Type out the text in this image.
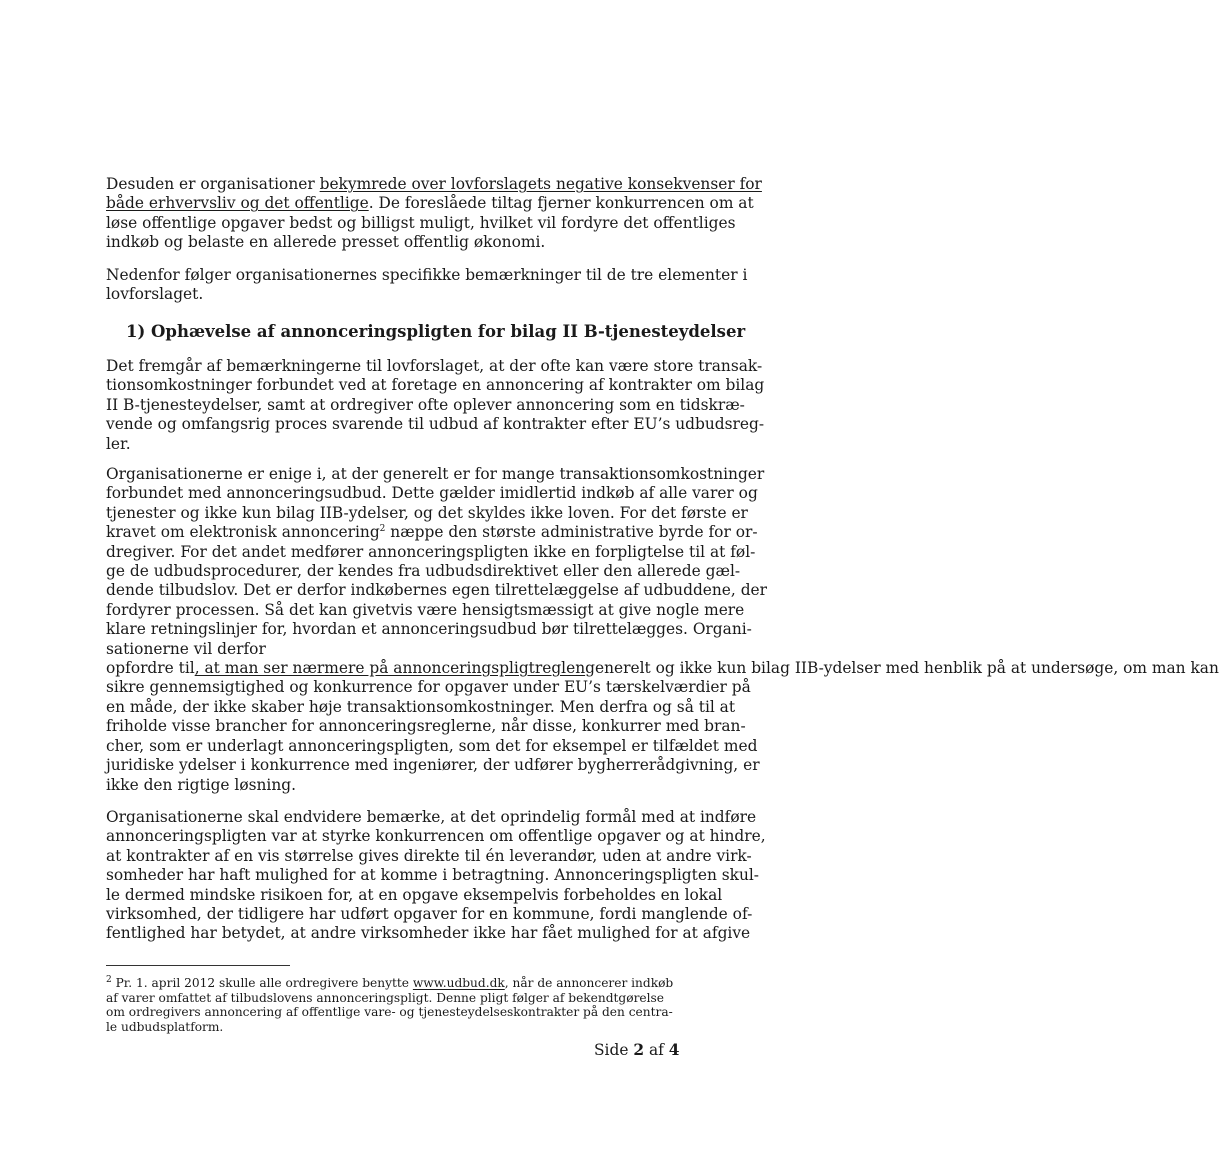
Desuden er organisationer bekymrede over lovforslagets negative konsekvenser for
både erhvervsliv og det offentlige. De foreslåede tiltag fjerner konkurrencen om at
løse offentlige opgaver bedst og billigst muligt, hvilket vil fordyre det offentliges
indkøb og belaste en allerede presset offentlig økonomi.

Nedenfor følger organisationernes specifikke bemærkninger til de tre elementer i
lovforslaget.

1) Ophævelse af annonceringspligten for bilag II B-tjenesteydelser

Det fremgår af bemærkningerne til lovforslaget, at der ofte kan være store transak-
tionsomkostninger forbundet ved at foretage en annoncering af kontrakter om bilag
II B-tjenesteydelser, samt at ordregiver ofte oplever annoncering som en tidskræ-
vende og omfangsrig proces svarende til udbud af kontrakter efter EU’s udbudsreg-
ler.

Organisationerne er enige i, at der generelt er for mange transaktionsomkostninger
forbundet med annonceringsudbud. Dette gælder imidlertid indkøb af alle varer og
tjenester og ikke kun bilag IIB-ydelser, og det skyldes ikke loven. For det første er
kravet om elektronisk annoncering$^2$ næppe den største administrative byrde for or-
dregiver. For det andet medfører annonceringspligten ikke en forpligtelse til at føl-
ge de udbudsprocedurer, der kendes fra udbudsdirektivet eller den allerede gæl-
dende tilbudslov. Det er derfor indkøbernes egen tilrettelæggelse af udbuddene, der
fordyrer processen. Så det kan givetvis være hensigtsmæssigt at give nogle mere
klare retningslinjer for, hvordan et annonceringsudbud bør tilrettelægges. Organi-
sationerne vil derfor
opfordre til, at man ser nærmere på annonceringspligtreglengenerelt og ikke kun bilag IIB-ydelser med henblik på at undersøge, om man kan
sikre gennemsigtighed og konkurrence for opgaver under EU’s tærskelværdier på
en måde, der ikke skaber høje transaktionsomkostninger. Men derfra og så til at
friholde visse brancher for annonceringsreglerne, når disse, konkurrer med bran-
cher, som er underlagt annonceringspligten, som det for eksempel er tilfældet med
juridiske ydelser i konkurrence med ingeniører, der udfører bygherrerådgivning, er
ikke den rigtige løsning.

Organisationerne skal endvidere bemærke, at det oprindelig formål med at indføre
annonceringspligten var at styrke konkurrencen om offentlige opgaver og at hindre,
at kontrakter af en vis størrelse gives direkte til én leverandør, uden at andre virk-
somheder har haft mulighed for at komme i betragtning. Annonceringspligten skul-
le dermed mindske risikoen for, at en opgave eksempelvis forbeholdes en lokal
virksomhed, der tidligere har udført opgaver for en kommune, fordi manglende of-
fentlighed har betydet, at andre virksomheder ikke har fået mulighed for at afgive

$^2$ Pr. 1. april 2012 skulle alle ordregivere benytte www.udbud.dk, når de annoncerer indkøb
af varer omfattet af tilbudslovens annonceringspligt. Denne pligt følger af bekendtgørelse
om ordregivers annoncering af offentlige vare- og tjenesteydelseskontrakter på den centra-
le udbudsplatform.

Side 2 af 4
